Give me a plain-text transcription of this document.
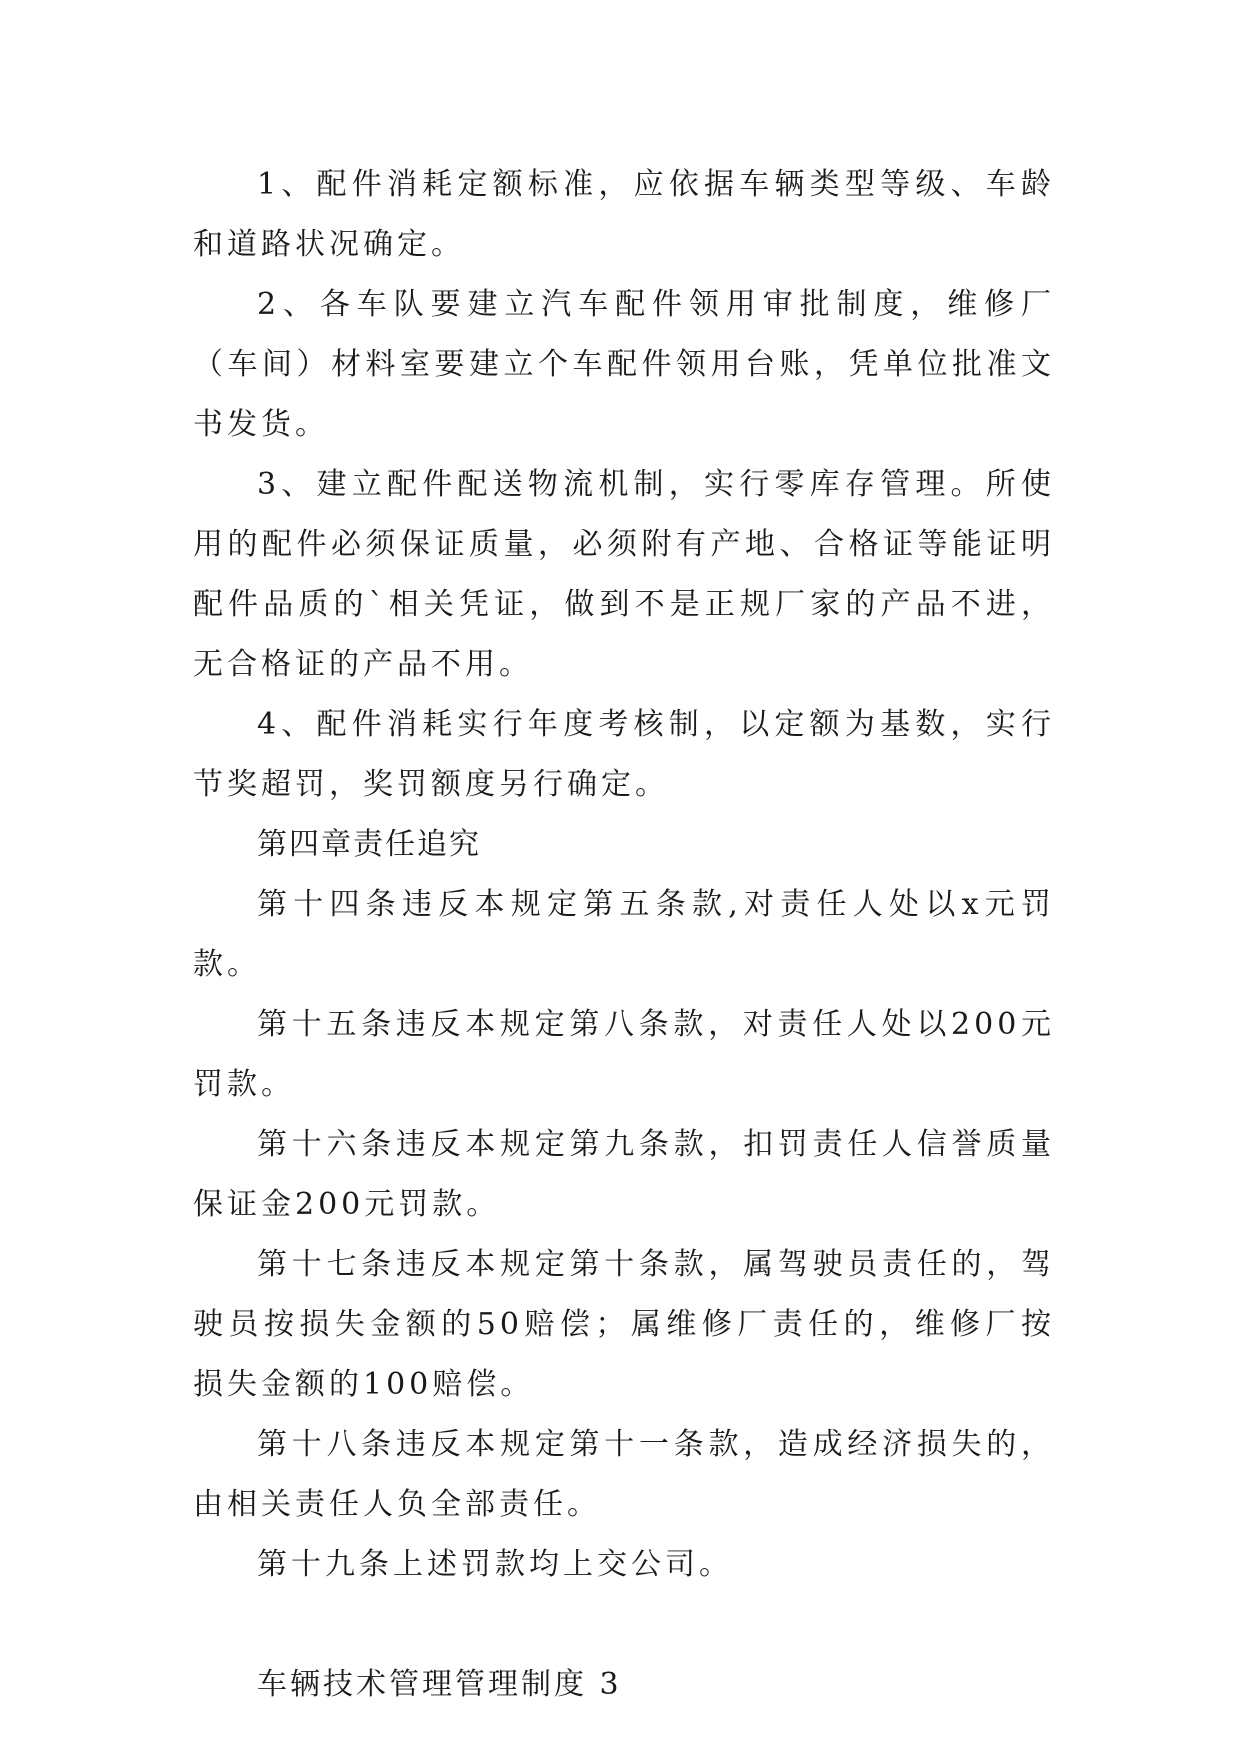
1、配件消耗定额标准，应依据车辆类型等级、车龄和道路状况确定。

2、各车队要建立汽车配件领用审批制度，维修厂（车间）材料室要建立个车配件领用台账，凭单位批准文书发货。

3、建立配件配送物流机制，实行零库存管理。所使用的配件必须保证质量，必须附有产地、合格证等能证明配件品质的`相关凭证，做到不是正规厂家的产品不进，无合格证的产品不用。

4、配件消耗实行年度考核制，以定额为基数，实行节奖超罚，奖罚额度另行确定。

第四章责任追究

第十四条违反本规定第五条款,对责任人处以x元罚款。

第十五条违反本规定第八条款，对责任人处以200元罚款。

第十六条违反本规定第九条款，扣罚责任人信誉质量保证金200元罚款。

第十七条违反本规定第十条款，属驾驶员责任的，驾驶员按损失金额的50赔偿；属维修厂责任的，维修厂按损失金额的100赔偿。

第十八条违反本规定第十一条款，造成经济损失的，由相关责任人负全部责任。

第十九条上述罚款均上交公司。

车辆技术管理管理制度 3
